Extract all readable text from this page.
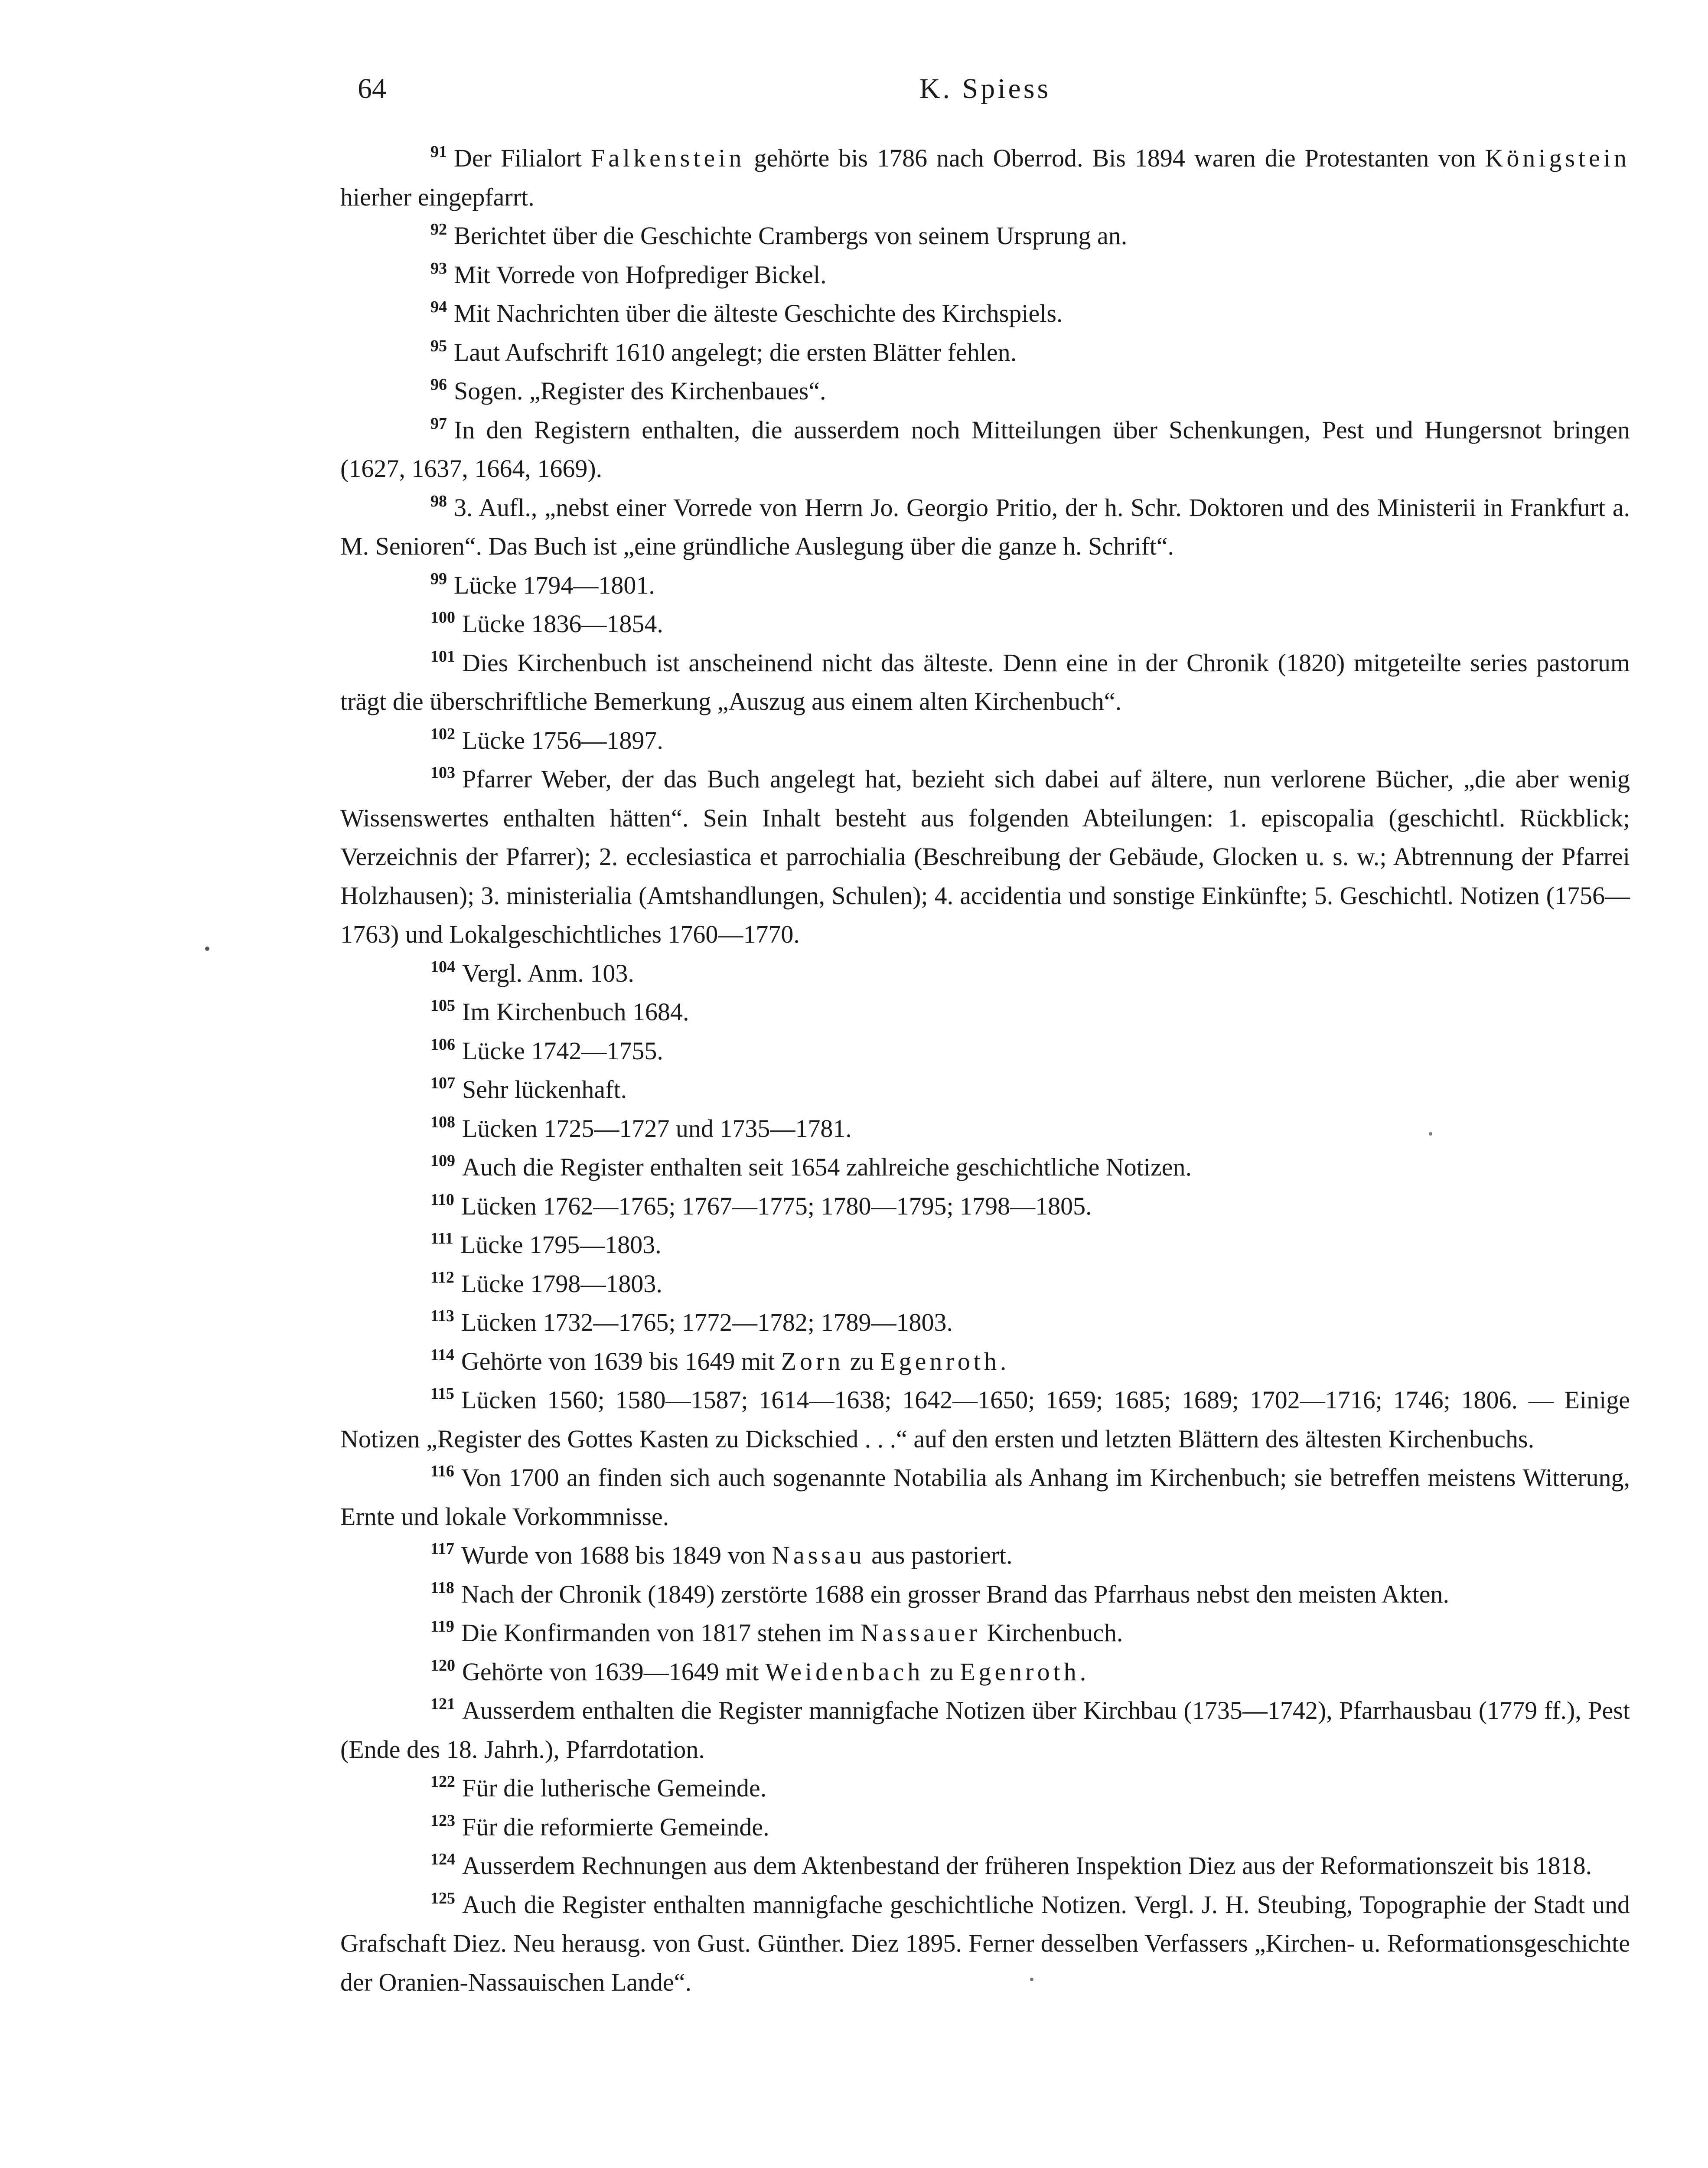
64	K. Spiess

$^{91}$ Der Filialort Falkenstein gehörte bis 1786 nach Oberrod. Bis 1894 waren die Protestanten von Königstein hierher eingepfarrt.

$^{92}$ Berichtet über die Geschichte Crambergs von seinem Ursprung an.

$^{93}$ Mit Vorrede von Hofprediger Bickel.

$^{94}$ Mit Nachrichten über die älteste Geschichte des Kirchspiels.

$^{95}$ Laut Aufschrift 1610 angelegt; die ersten Blätter fehlen.

$^{96}$ Sogen. „Register des Kirchenbaues“.

$^{97}$ In den Registern enthalten, die ausserdem noch Mitteilungen über Schenkungen, Pest und Hungersnot bringen (1627, 1637, 1664, 1669).

$^{98}$ 3. Aufl., „nebst einer Vorrede von Herrn Jo. Georgio Pritio, der h. Schr. Doktoren und des Ministerii in Frankfurt a. M. Senioren“. Das Buch ist „eine gründliche Auslegung über die ganze h. Schrift“.

$^{99}$ Lücke 1794—1801.

$^{100}$ Lücke 1836—1854.

$^{101}$ Dies Kirchenbuch ist anscheinend nicht das älteste. Denn eine in der Chronik (1820) mitgeteilte series pastorum trägt die überschriftliche Bemerkung „Auszug aus einem alten Kirchenbuch“.

$^{102}$ Lücke 1756—1897.

$^{103}$ Pfarrer Weber, der das Buch angelegt hat, bezieht sich dabei auf ältere, nun verlorene Bücher, „die aber wenig Wissenswertes enthalten hätten“. Sein Inhalt besteht aus folgenden Abteilungen: 1. episcopalia (geschichtl. Rückblick; Verzeichnis der Pfarrer); 2. ecclesiastica et parrochialia (Beschreibung der Gebäude, Glocken u. s. w.; Abtrennung der Pfarrei Holzhausen); 3. ministerialia (Amtshandlungen, Schulen); 4. accidentia und sonstige Einkünfte; 5. Geschichtl. Notizen (1756—1763) und Lokalgeschichtliches 1760—1770.

$^{104}$ Vergl. Anm. 103.

$^{105}$ Im Kirchenbuch 1684.

$^{106}$ Lücke 1742—1755.

$^{107}$ Sehr lückenhaft.

$^{108}$ Lücken 1725—1727 und 1735—1781.

$^{109}$ Auch die Register enthalten seit 1654 zahlreiche geschichtliche Notizen.

$^{110}$ Lücken 1762—1765; 1767—1775; 1780—1795; 1798—1805.

$^{111}$ Lücke 1795—1803.

$^{112}$ Lücke 1798—1803.

$^{113}$ Lücken 1732—1765; 1772—1782; 1789—1803.

$^{114}$ Gehörte von 1639 bis 1649 mit Zorn zu Egenroth.

$^{115}$ Lücken 1560; 1580—1587; 1614—1638; 1642—1650; 1659; 1685; 1689; 1702—1716; 1746; 1806. — Einige Notizen „Register des Gottes Kasten zu Dickschied . . .“ auf den ersten und letzten Blättern des ältesten Kirchenbuchs.

$^{116}$ Von 1700 an finden sich auch sogenannte Notabilia als Anhang im Kirchenbuch; sie betreffen meistens Witterung, Ernte und lokale Vorkommnisse.

$^{117}$ Wurde von 1688 bis 1849 von Nassau aus pastoriert.

$^{118}$ Nach der Chronik (1849) zerstörte 1688 ein grosser Brand das Pfarrhaus nebst den meisten Akten.

$^{119}$ Die Konfirmanden von 1817 stehen im Nassauer Kirchenbuch.

$^{120}$ Gehörte von 1639—1649 mit Weidenbach zu Egenroth.

$^{121}$ Ausserdem enthalten die Register mannigfache Notizen über Kirchbau (1735—1742), Pfarrhausbau (1779 ff.), Pest (Ende des 18. Jahrh.), Pfarrdotation.

$^{122}$ Für die lutherische Gemeinde.

$^{123}$ Für die reformierte Gemeinde.

$^{124}$ Ausserdem Rechnungen aus dem Aktenbestand der früheren Inspektion Diez aus der Reformationszeit bis 1818.

$^{125}$ Auch die Register enthalten mannigfache geschichtliche Notizen. Vergl. J. H. Steubing, Topographie der Stadt und Grafschaft Diez. Neu herausg. von Gust. Günther. Diez 1895. Ferner desselben Verfassers „Kirchen- u. Reformationsgeschichte der Oranien-Nassauischen Lande“.
